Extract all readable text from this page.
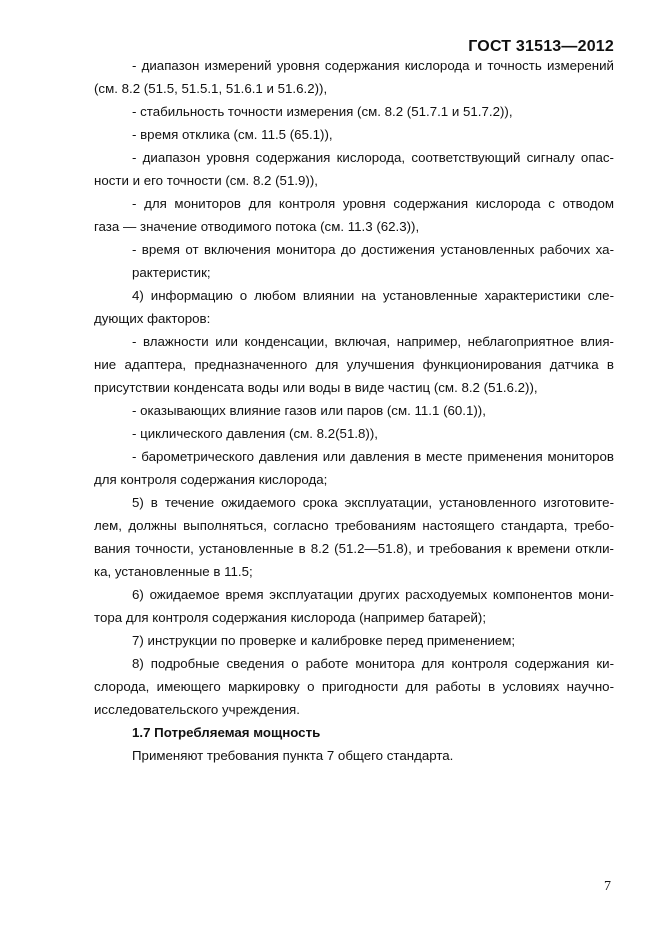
ГОСТ 31513—2012
- диапазон измерений уровня содержания кислорода и точность измерений
(см. 8.2 (51.5, 51.5.1, 51.6.1 и 51.6.2)),
- стабильность точности измерения (см. 8.2 (51.7.1 и 51.7.2)),
- время отклика (см. 11.5 (65.1)),
- диапазон уровня содержания кислорода, соответствующий сигналу опас-
ности и его точности (см. 8.2 (51.9)),
- для мониторов для контроля уровня содержания кислорода с отводом
газа — значение отводимого потока (см. 11.3 (62.3)),
- время от включения монитора до достижения установленных рабочих ха-
рактеристик;
4) информацию о любом влиянии на установленные характеристики сле-
дующих факторов:
- влажности или конденсации, включая, например, неблагоприятное влия-
ние адаптера, предназначенного для улучшения функционирования датчика в
присутствии конденсата воды или воды в виде частиц (см. 8.2 (51.6.2)),
- оказывающих влияние газов или паров (см. 11.1 (60.1)),
- циклического давления (см. 8.2(51.8)),
- барометрического давления или давления в месте применения мониторов
для контроля содержания кислорода;
5) в течение ожидаемого срока эксплуатации, установленного изготовите-
лем, должны выполняться, согласно требованиям настоящего стандарта, требо-
вания точности, установленные в 8.2 (51.2—51.8), и требования к времени откли-
ка, установленные в 11.5;
6) ожидаемое время эксплуатации других расходуемых компонентов мони-
тора для контроля содержания кислорода (например батарей);
7) инструкции по проверке и калибровке перед применением;
8) подробные сведения о работе монитора для контроля содержания ки-
слорода, имеющего маркировку о пригодности для работы в условиях научно-
исследовательского учреждения.
1.7 Потребляемая мощность
Применяют требования пункта 7 общего стандарта.
7
